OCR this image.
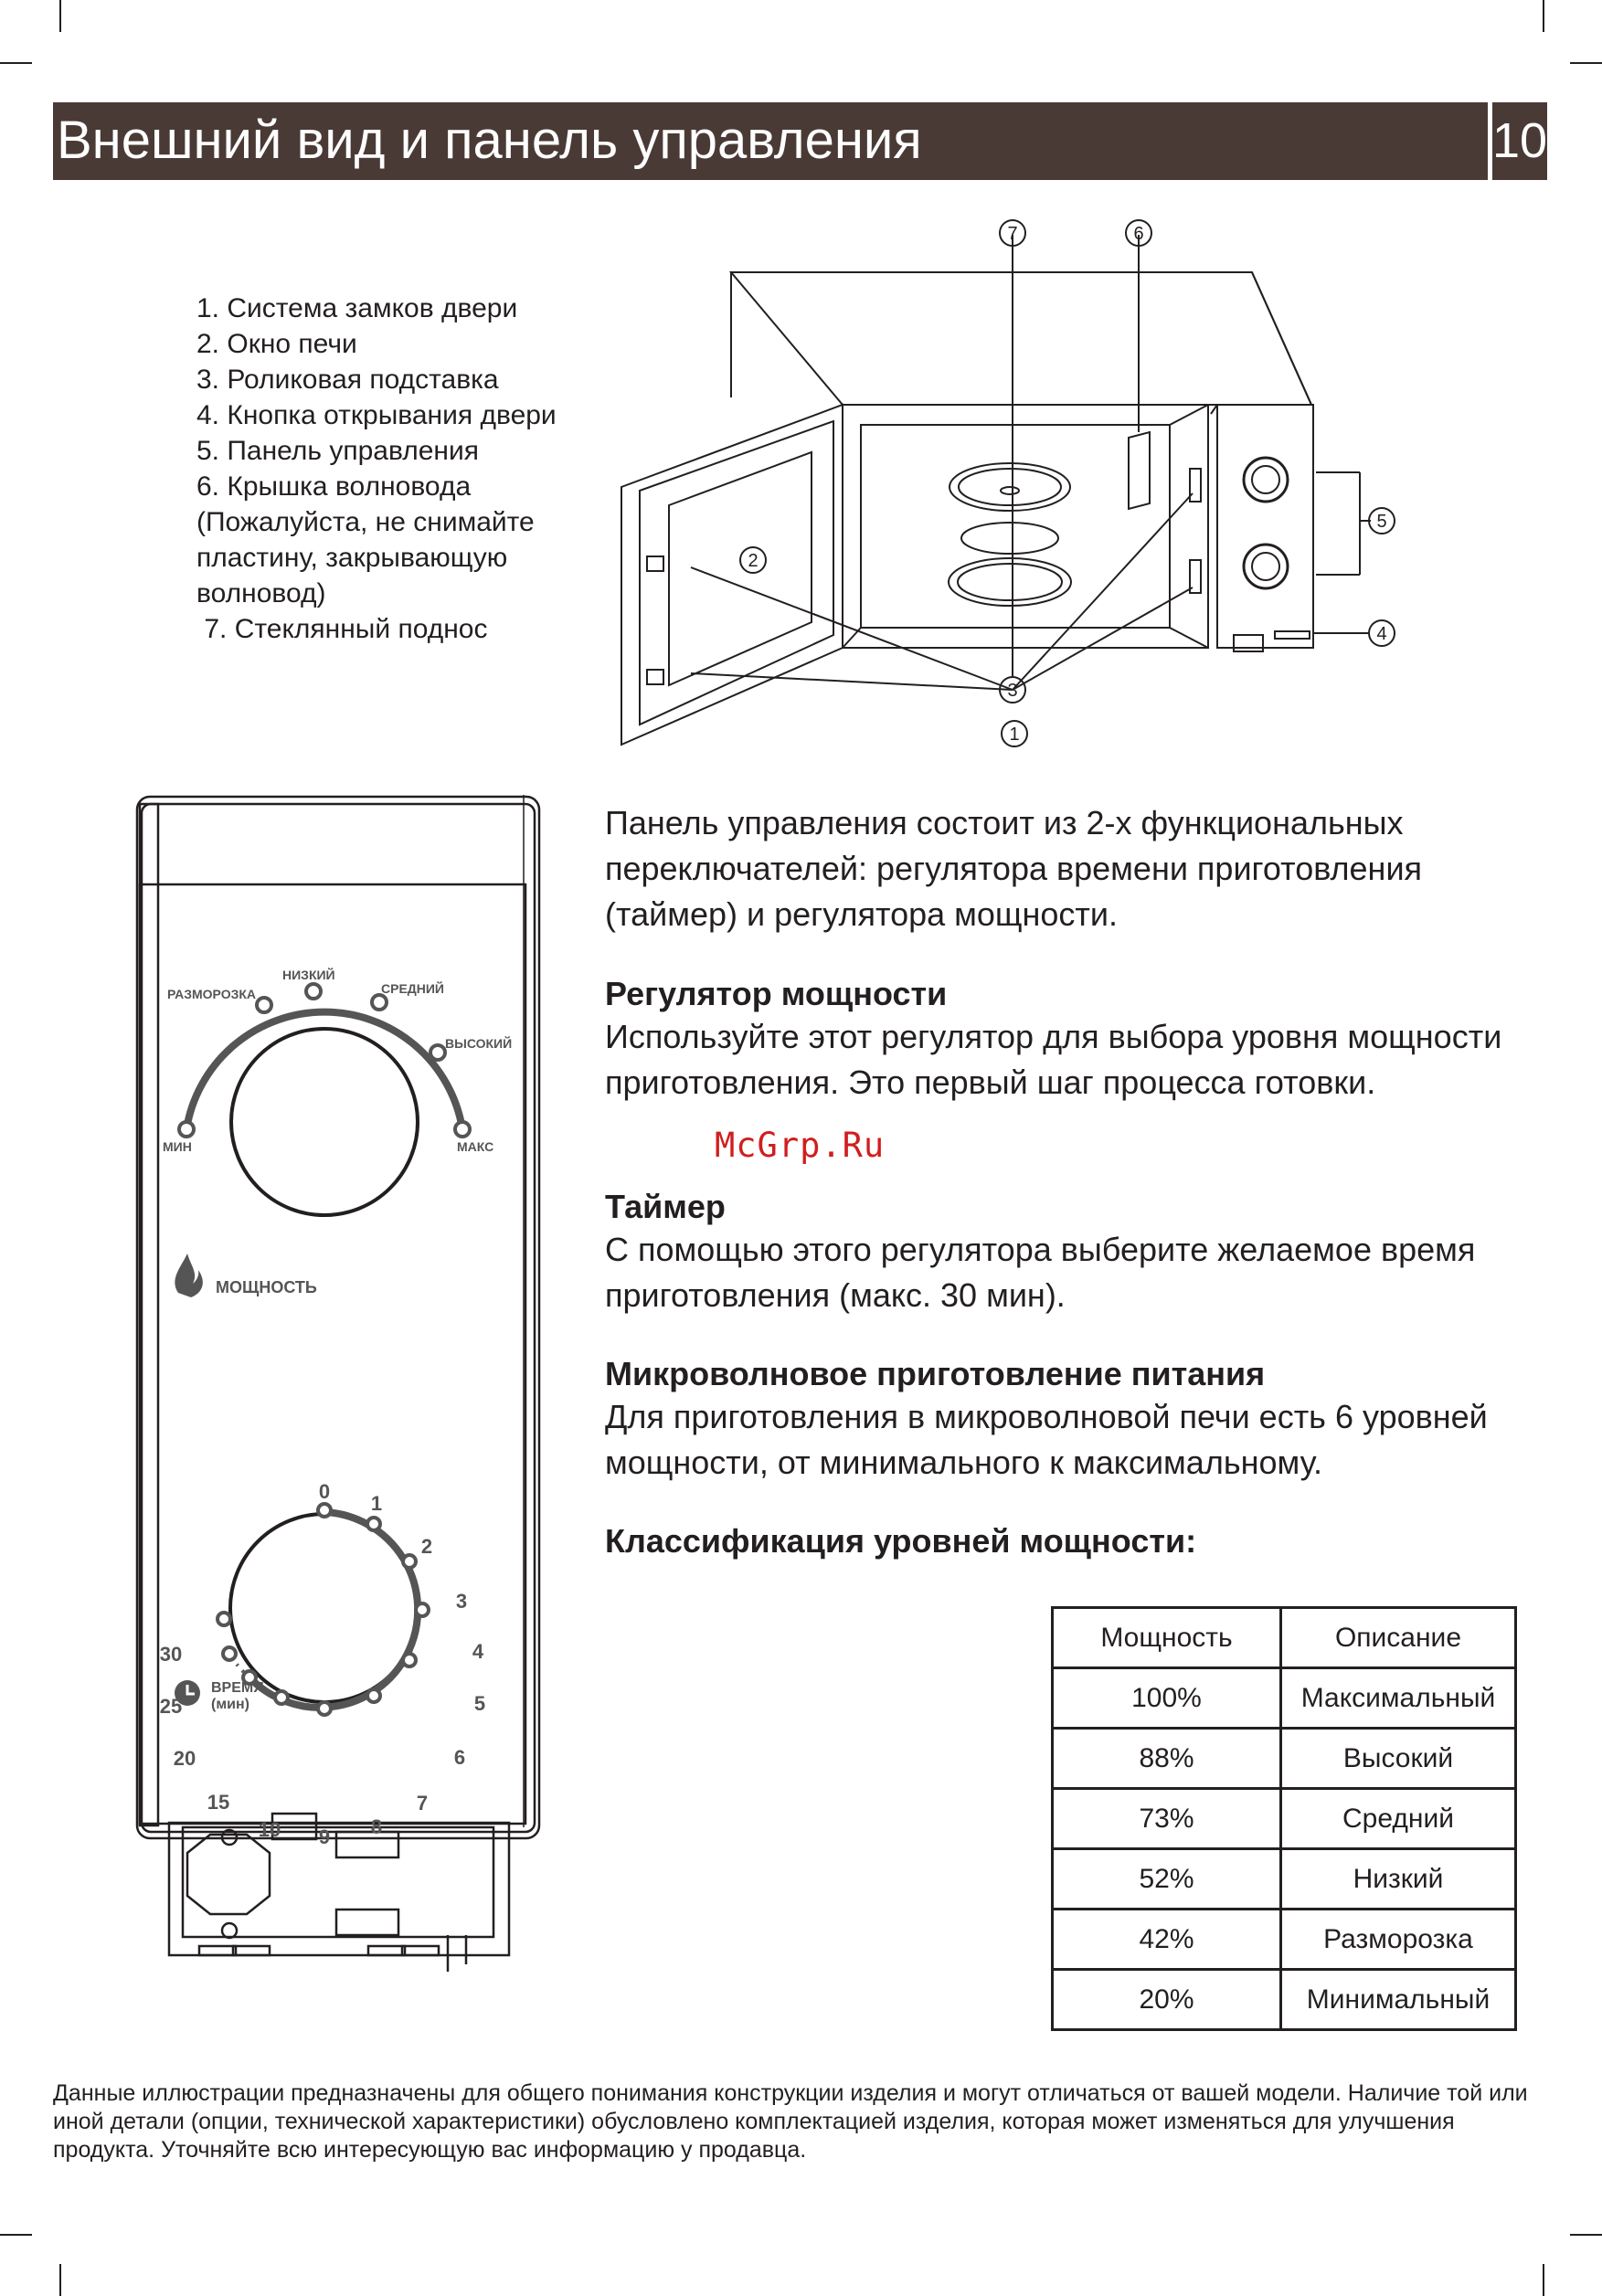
Внешний вид и панель управления	10
1. Система замков двери
2. Окно печи
3. Роликовая подставка
4. Кнопка открывания двери
5. Панель управления
6. Крышка волновода
(Пожалуйста, не снимайте
пластину, закрывающую
волновод)
7. Стеклянный поднос
7	6
2
3
1
5
4
МИН
РАЗМОРОЗКА
НИЗКИЙ
СРЕДНИЙ
ВЫСОКИЙ
МАКС
МОЩНОСТЬ
ВРЕМЯ
(мин)
0
1
2
3
4
5
6
7
8
9
10
15
20
25
30
Панель управления состоит из 2-х функциональных переключателей: регулятора времени приготовления (таймер) и регулятора мощности.
Регулятор мощности
Используйте этот регулятор для выбора уровня мощности приготовления. Это первый шаг процесса готовки.
McGrp.Ru
Таймер
С помощью этого регулятора выберите желаемое время приготовления (макс. 30 мин).
Микроволновое приготовление питания
Для приготовления в микроволновой печи есть 6 уровней мощности, от минимального к максимальному.
Классификация уровней мощности:
Мощность	Описание
100%	Максимальный
88%	Высокий
73%	Средний
52%	Низкий
42%	Разморозка
20%	Минимальный
Данные иллюстрации предназначены для общего понимания конструкции изделия и могут отличаться от вашей модели. Наличие той или иной детали (опции, технической характеристики) обусловлено комплектацией изделия, которая может изменяться для улучшения продукта. Уточняйте всю интересующую вас информацию у продавца.
